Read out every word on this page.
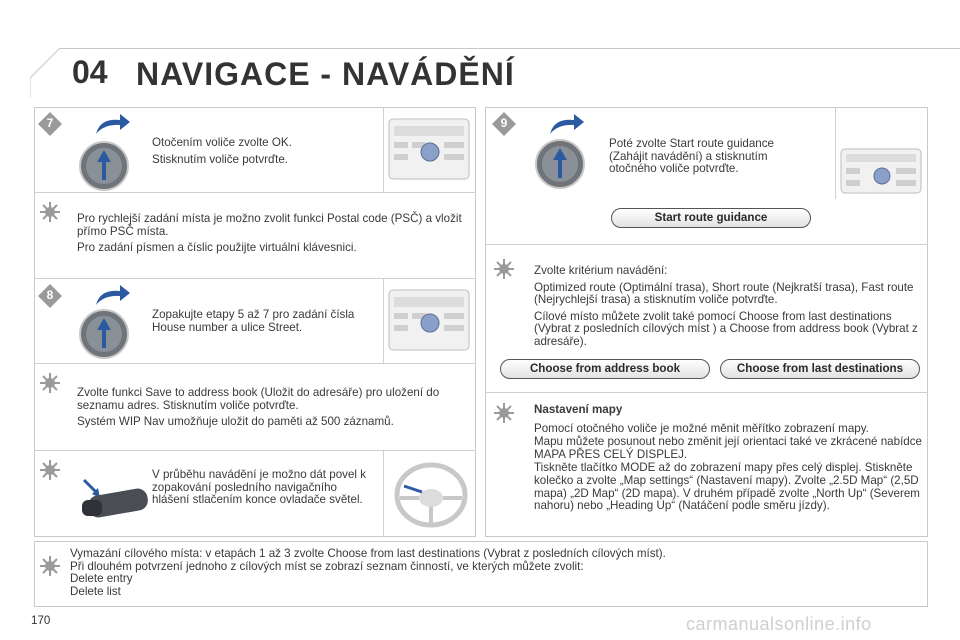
04 NAVIGACE - NAVÁDĚNÍ
7

Otočením voliče zvolte OK.

Stisknutím voliče potvrďte.

Pro rychlejší zadání místa je možno zvolit funkci Postal code (PSČ) a vložit přímo PSČ místa.

Pro zadání písmen a číslic použijte virtuální klávesnici.

8
Zopakujte etapy 5 až 7 pro zadání čísla House number a ulice Street.

Zvolte funkci Save to address book (Uložit do adresáře) pro uložení do seznamu adres. Stisknutím voliče potvrďte.

Systém WIP Nav umožňuje uložit do paměti až 500 záznamů.

V průběhu navádění je možno dát povel k zopakování posledního navigačního hlášení stlačením konce ovladače světel.
9
Poté zvolte Start route guidance (Zahájit navádění) a stisknutím otočného voliče potvrďte.
Start route guidance

Zvolte kritérium navádění:

Optimized route (Optimální trasa), Short route (Nejkratší trasa), Fast route (Nejrychlejší trasa) a stisknutím voliče potvrďte.

Cílové místo můžete zvolit také pomocí Choose from last destinations (Vybrat z posledních cílových míst ) a Choose from address book (Vybrat z adresáře).

Choose from address book	Choose from last destinations

Nastavení mapy

Pomocí otočného voliče je možné měnit měřítko zobrazení mapy.

Mapu můžete posunout nebo změnit její orientaci také ve zkrácené nabídce MAPA PŘES CELÝ DISPLEJ.

Tiskněte tlačítko MODE až do zobrazení mapy přes celý displej. Stiskněte kolečko a zvolte „Map settings“ (Nastavení mapy). Zvolte „2.5D Map“ (2,5D mapa) „2D Map“ (2D mapa). V druhém případě zvolte „North Up“ (Severem nahoru) nebo „Heading Up“ (Natáčení podle směru jízdy).

Vymazání cílového místa: v etapách 1 až 3 zvolte Choose from last destinations (Vybrat z posledních cílových míst).
Při dlouhém potvrzení jednoho z cílových míst se zobrazí seznam činností, ve kterých můžete zvolit:
Delete entry
Delete list
170	carmanualsonline.info
